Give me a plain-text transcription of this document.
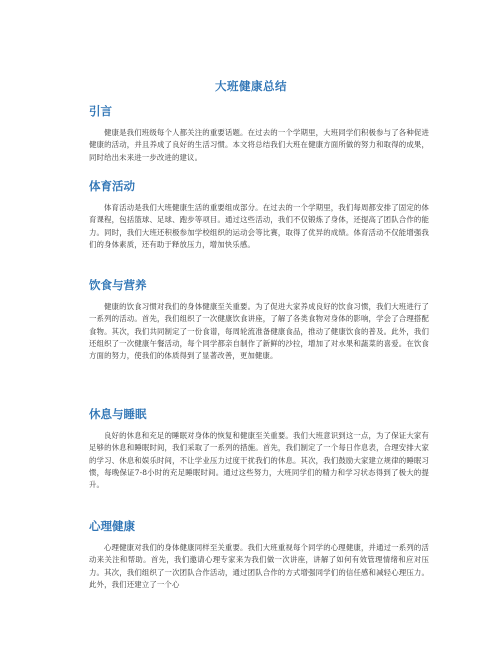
大班健康总结
引言

健康是我们班级每个人都关注的重要话题。在过去的一个学期里，大班同学们积极参与了各种促进健康的活动，并且养成了良好的生活习惯。本文将总结我们大班在健康方面所做的努力和取得的成果，同时给出未来进一步改进的建议。

体育活动

体育活动是我们大班健康生活的重要组成部分。在过去的一个学期里，我们每周都安排了固定的体育课程，包括篮球、足球、跑步等项目。通过这些活动，我们不仅锻炼了身体，还提高了团队合作的能力。同时，我们大班还积极参加学校组织的运动会等比赛，取得了优异的成绩。体育活动不仅能增强我们的身体素质，还有助于释放压力，增加快乐感。

饮食与营养

健康的饮食习惯对我们的身体健康至关重要。为了促进大家养成良好的饮食习惯，我们大班进行了一系列的活动。首先，我们组织了一次健康饮食讲座，了解了各类食物对身体的影响，学会了合理搭配食物。其次，我们共同制定了一份食谱，每周轮流准备健康食品，推动了健康饮食的普及。此外，我们还组织了一次健康午餐活动，每个同学都亲自制作了新鲜的沙拉，增加了对水果和蔬菜的喜爱。在饮食方面的努力，使我们的体质得到了显著改善，更加健康。

休息与睡眠

良好的休息和充足的睡眠对身体的恢复和健康至关重要。我们大班意识到这一点，为了保证大家有足够的休息和睡眠时间，我们采取了一系列的措施。首先，我们制定了一个每日作息表，合理安排大家的学习、休息和娱乐时间，不让学业压力过度干扰我们的休息。其次，我们鼓励大家建立规律的睡眠习惯，每晚保证7-8小时的充足睡眠时间。通过这些努力，大班同学们的精力和学习状态得到了极大的提升。

心理健康

心理健康对我们的身体健康同样至关重要。我们大班重视每个同学的心理健康，并通过一系列的活动来关注和帮助。首先，我们邀请心理专家来为我们做一次讲座，讲解了如何有效管理情绪和应对压力。其次，我们组织了一次团队合作活动，通过团队合作的方式增强同学们的信任感和减轻心理压力。此外，我们还建立了一个心
